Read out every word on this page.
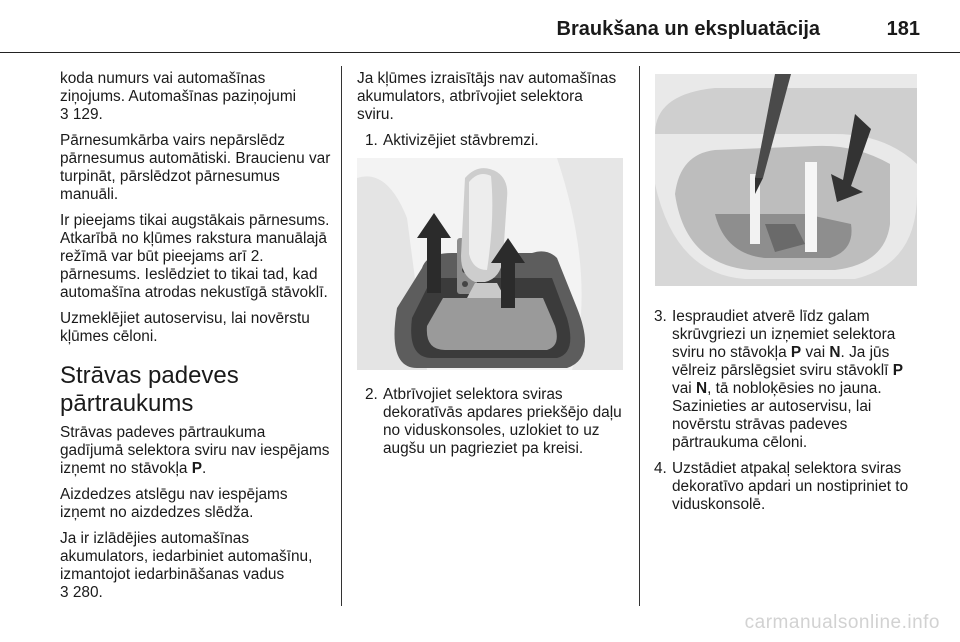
Braukšana un ekspluatācija	181

koda numurs vai automašīnas ziņojums. Automašīnas paziņojumi
3 129.

Pārnesumkārba vairs nepārslēdz pārnesumus automātiski. Braucienu var turpināt, pārslēdzot pārnesumus manuāli.

Ir pieejams tikai augstākais pārnesums. Atkarībā no kļūmes rakstura manuālajā režīmā var būt pieejams arī 2. pārnesums. Ieslēdziet to tikai tad, kad automašīna atrodas nekustīgā stāvoklī.

Uzmeklējiet autoservisu, lai novērstu kļūmes cēloni.

Strāvas padeves pārtraukums

Strāvas padeves pārtraukuma gadījumā selektora sviru nav iespējams izņemt no stāvokļa P.

Aizdedzes atslēgu nav iespējams izņemt no aizdedzes slēdža.

Ja ir izlādējies automašīnas akumulators, iedarbiniet automašīnu, izmantojot iedarbināšanas vadus
3 280.

Ja kļūmes izraisītājs nav automašīnas akumulators, atbrīvojiet selektora sviru.

1. Aktivizējiet stāvbremzi.
2. Atbrīvojiet selektora sviras dekoratīvās apdares priekšējo daļu no viduskonsoles, uzlokiet to uz augšu un pagrieziet pa kreisi.
3. Iespraudiet atverē līdz galam skrūvgriezi un izņemiet selektora sviru no stāvokļa P vai N. Ja jūs vēlreiz pārslēgsiet sviru stāvoklī P vai N, tā nobloķēsies no jauna. Sazinieties ar autoservisu, lai novērstu strāvas padeves pārtraukuma cēloni.
4. Uzstādiet atpakaļ selektora sviras dekoratīvo apdari un nostipriniet to viduskonsolē.
carmanualsonline.info
